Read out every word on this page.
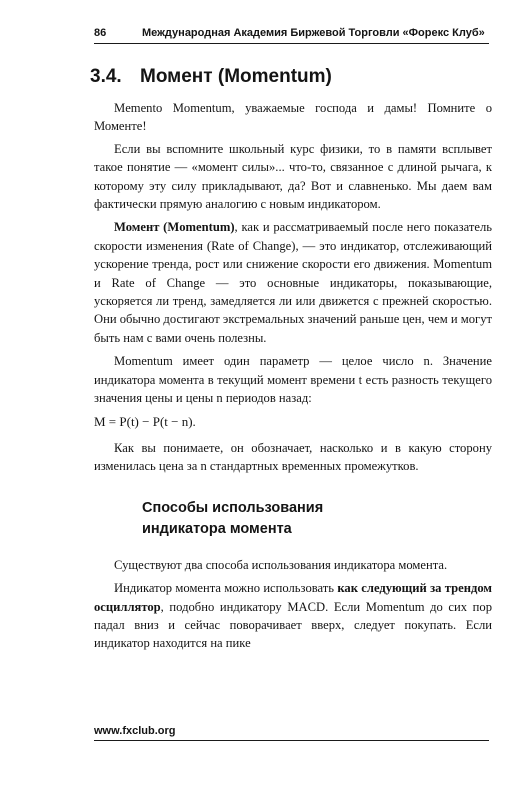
86	Международная Академия Биржевой Торговли «Форекс Клуб»
3.4. Момент (Momentum)

Memento Momentum, уважаемые господа и дамы! Помните о Моменте!

Если вы вспомните школьный курс физики, то в памяти всплывет такое понятие — «момент силы»... что-то, связанное с длиной рычага, к которому эту силу прикладывают, да? Вот и славненько. Мы даем вам фактически прямую аналогию с новым индикатором.

Момент (Momentum), как и рассматриваемый после него показатель скорости изменения (Rate of Change), — это индикатор, отслеживающий ускорение тренда, рост или снижение скорости его движения. Momentum и Rate of Change — это основные индикаторы, показывающие, ускоряется ли тренд, замедляется ли или движется с прежней скоростью. Они обычно достигают экстремальных значений раньше цен, чем и могут быть нам с вами очень полезны.

Momentum имеет один параметр — целое число n. Значение индикатора момента в текущий момент времени t есть разность текущего значения цены и цены n периодов назад:

M = P(t) − P(t − n).

Как вы понимаете, он обозначает, насколько и в какую сторону изменилась цена за n стандартных временных промежутков.

Способы использования
индикатора момента

Существуют два способа использования индикатора момента.

Индикатор момента можно использовать как следующий за трендом осциллятор, подобно индикатору MACD. Если Momentum до сих пор падал вниз и сейчас поворачивает вверх, следует покупать. Если индикатор находится на пике

www.fxclub.org
